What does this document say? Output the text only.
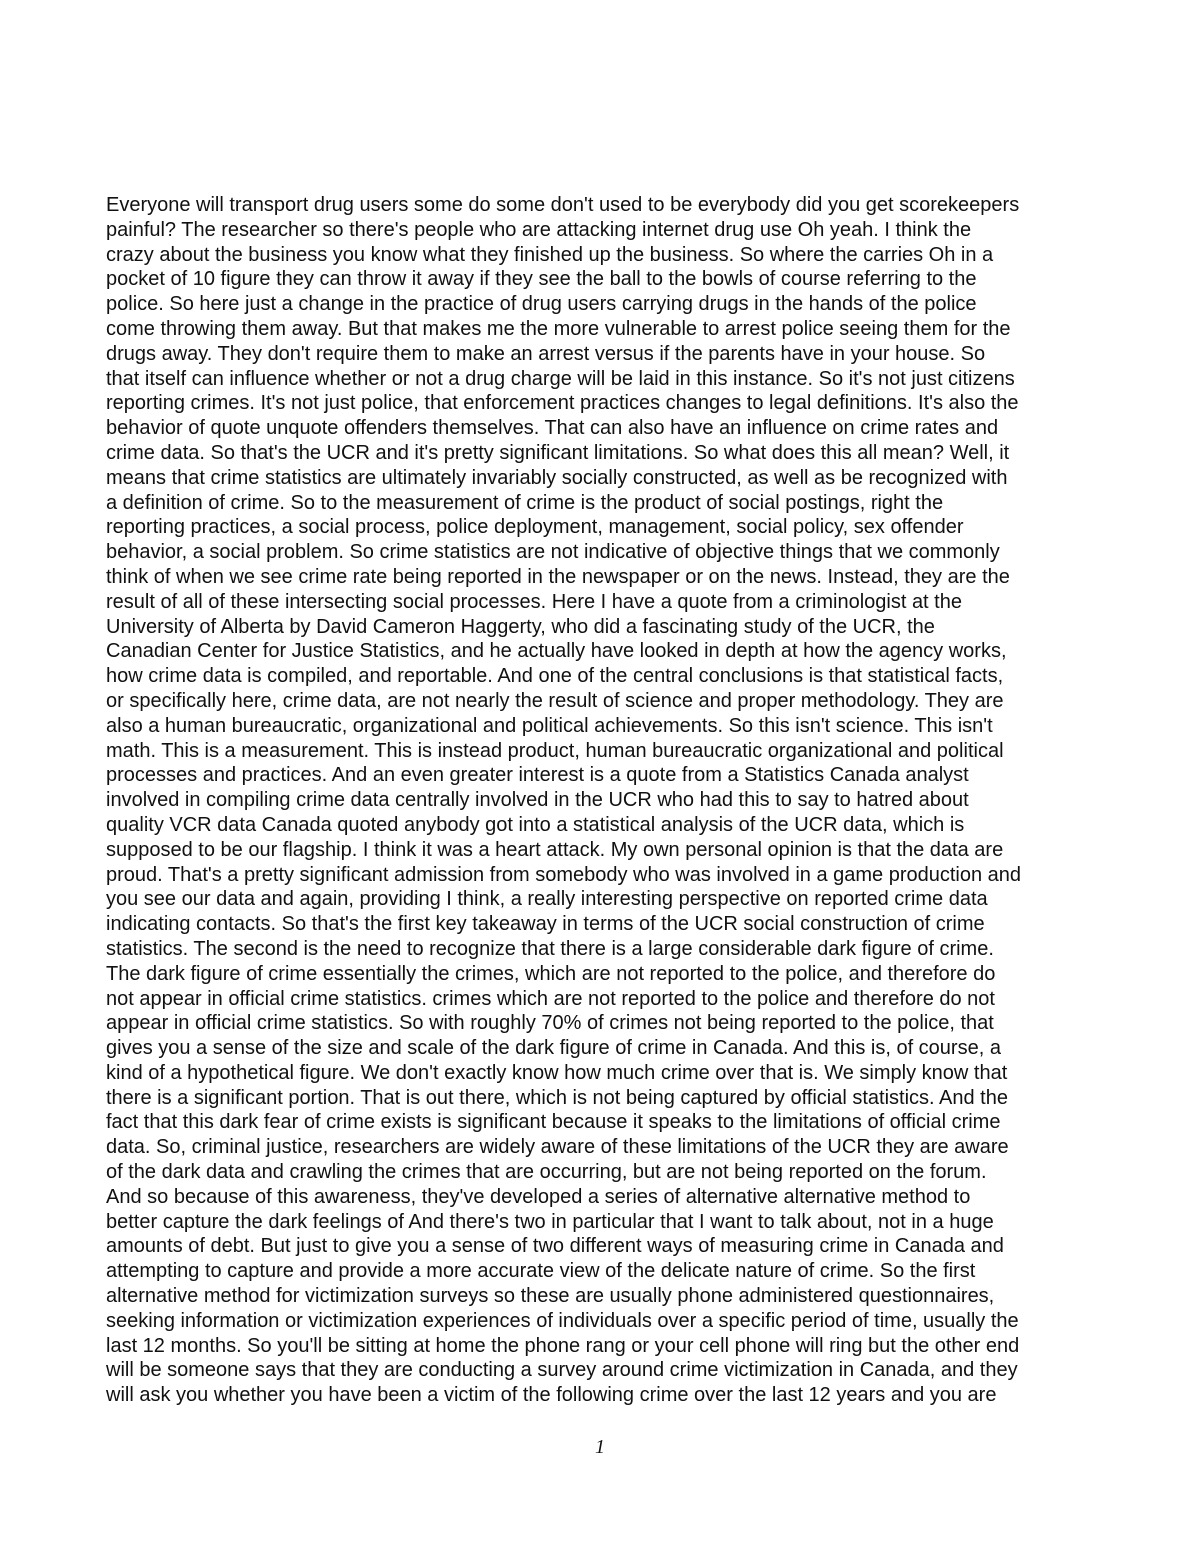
Everyone will transport drug users some do some don't used to be everybody did you get scorekeepers
painful? The researcher so there's people who are attacking internet drug use Oh yeah. I think the
crazy about the business you know what they finished up the business. So where the carries Oh in a
pocket of 10 figure they can throw it away if they see the ball to the bowls of course referring to the
police. So here just a change in the practice of drug users carrying drugs in the hands of the police
come throwing them away. But that makes me the more vulnerable to arrest police seeing them for the
drugs away. They don't require them to make an arrest versus if the parents have in your house. So
that itself can influence whether or not a drug charge will be laid in this instance. So it's not just citizens
reporting crimes. It's not just police, that enforcement practices changes to legal definitions. It's also the
behavior of quote unquote offenders themselves. That can also have an influence on crime rates and
crime data. So that's the UCR and it's pretty significant limitations. So what does this all mean? Well, it
means that crime statistics are ultimately invariably socially constructed, as well as be recognized with
a definition of crime. So to the measurement of crime is the product of social postings, right the
reporting practices, a social process, police deployment, management, social policy, sex offender
behavior, a social problem. So crime statistics are not indicative of objective things that we commonly
think of when we see crime rate being reported in the newspaper or on the news. Instead, they are the
result of all of these intersecting social processes. Here I have a quote from a criminologist at the
University of Alberta by David Cameron Haggerty, who did a fascinating study of the UCR, the
Canadian Center for Justice Statistics, and he actually have looked in depth at how the agency works,
how crime data is compiled, and reportable. And one of the central conclusions is that statistical facts,
or specifically here, crime data, are not nearly the result of science and proper methodology. They are
also a human bureaucratic, organizational and political achievements. So this isn't science. This isn't
math. This is a measurement. This is instead product, human bureaucratic organizational and political
processes and practices. And an even greater interest is a quote from a Statistics Canada analyst
involved in compiling crime data centrally involved in the UCR who had this to say to hatred about
quality VCR data Canada quoted anybody got into a statistical analysis of the UCR data, which is
supposed to be our flagship. I think it was a heart attack. My own personal opinion is that the data are
proud. That's a pretty significant admission from somebody who was involved in a game production and
you see our data and again, providing I think, a really interesting perspective on reported crime data
indicating contacts. So that's the first key takeaway in terms of the UCR social construction of crime
statistics. The second is the need to recognize that there is a large considerable dark figure of crime.
The dark figure of crime essentially the crimes, which are not reported to the police, and therefore do
not appear in official crime statistics. crimes which are not reported to the police and therefore do not
appear in official crime statistics. So with roughly 70% of crimes not being reported to the police, that
gives you a sense of the size and scale of the dark figure of crime in Canada. And this is, of course, a
kind of a hypothetical figure. We don't exactly know how much crime over that is. We simply know that
there is a significant portion. That is out there, which is not being captured by official statistics. And the
fact that this dark fear of crime exists is significant because it speaks to the limitations of official crime
data. So, criminal justice, researchers are widely aware of these limitations of the UCR they are aware
of the dark data and crawling the crimes that are occurring, but are not being reported on the forum.
And so because of this awareness, they've developed a series of alternative alternative method to
better capture the dark feelings of And there's two in particular that I want to talk about, not in a huge
amounts of debt. But just to give you a sense of two different ways of measuring crime in Canada and
attempting to capture and provide a more accurate view of the delicate nature of crime. So the first
alternative method for victimization surveys so these are usually phone administered questionnaires,
seeking information or victimization experiences of individuals over a specific period of time, usually the
last 12 months. So you'll be sitting at home the phone rang or your cell phone will ring but the other end
will be someone says that they are conducting a survey around crime victimization in Canada, and they
will ask you whether you have been a victim of the following crime over the last 12 years and you are
1
